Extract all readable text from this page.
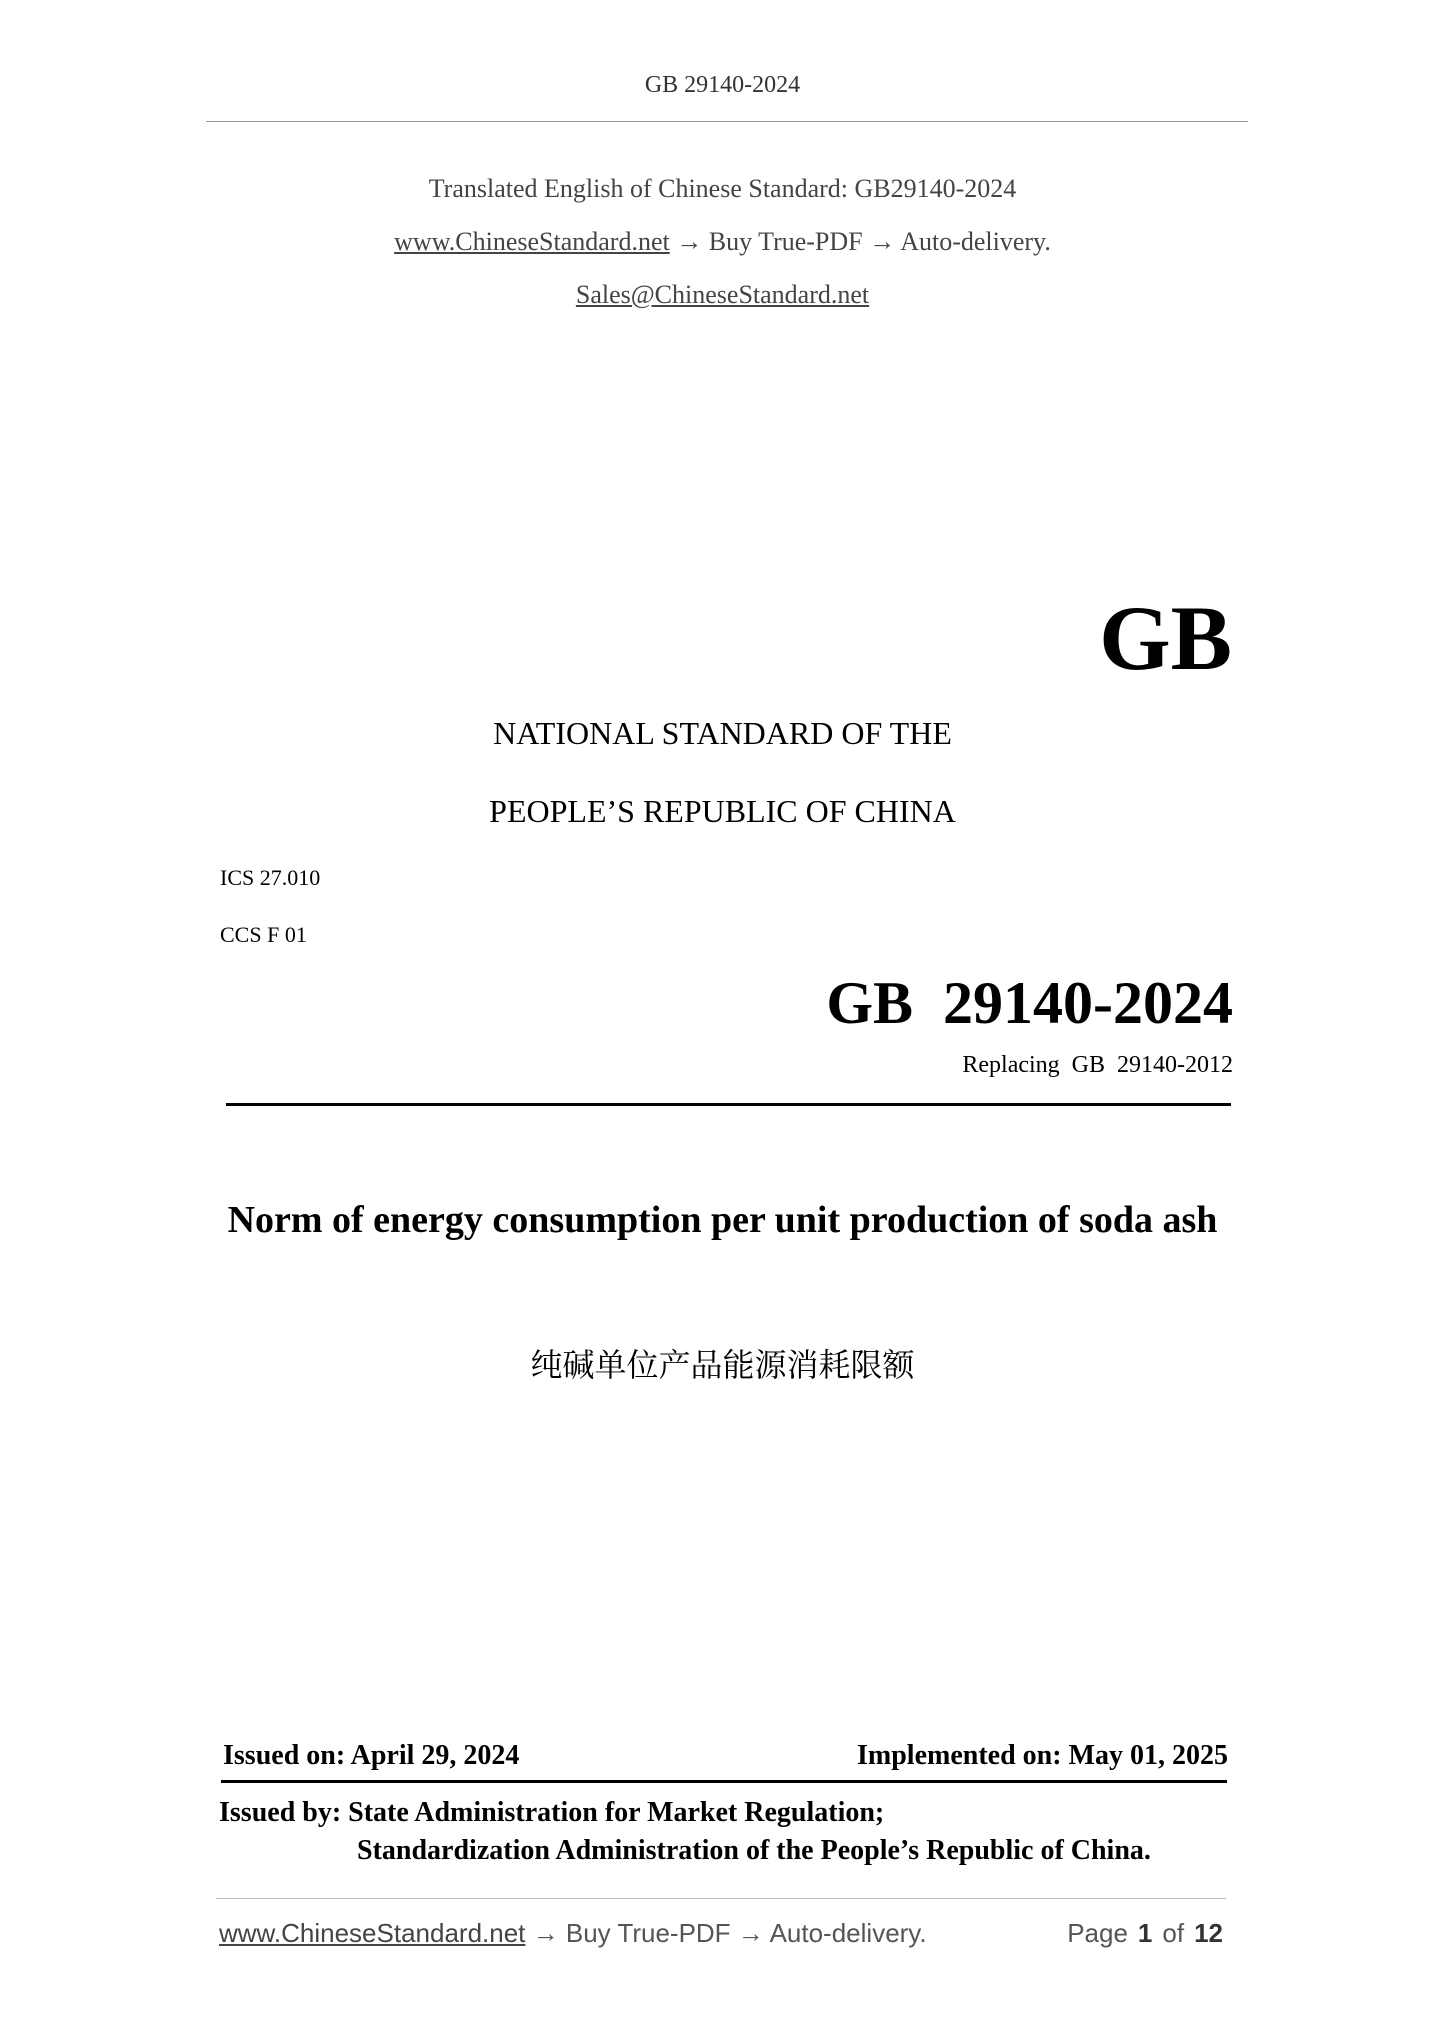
GB 29140-2024
Translated English of Chinese Standard: GB29140-2024
www.ChineseStandard.net → Buy True-PDF → Auto-delivery.
Sales@ChineseStandard.net
GB
NATIONAL STANDARD OF THE
PEOPLE’S REPUBLIC OF CHINA
ICS 27.010
CCS F 01
GB  29140-2024
Replacing  GB  29140-2012
Norm of energy consumption per unit production of soda ash
纯碱单位产品能源消耗限额
Issued on: April 29, 2024	Implemented on: May 01, 2025
Issued by: State Administration for Market Regulation;
Standardization Administration of the People’s Republic of China.
www.ChineseStandard.net → Buy True-PDF → Auto-delivery.	Page 1 of 12
